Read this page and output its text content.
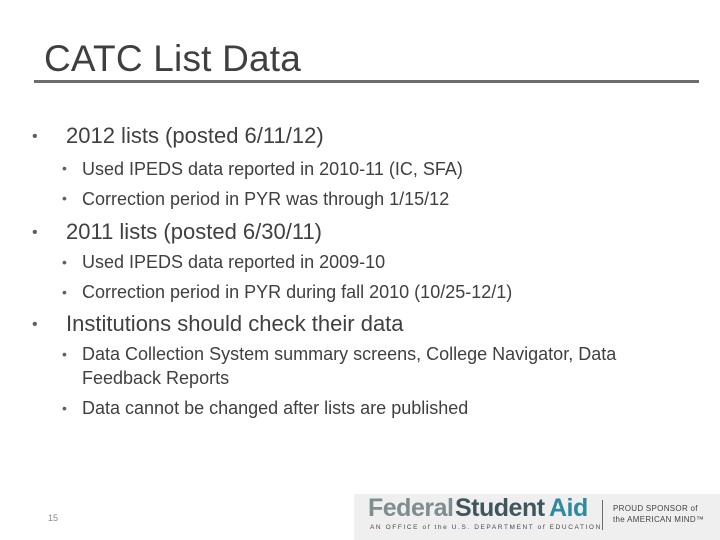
CATC List Data
• 2012 lists (posted 6/11/12)
• Used IPEDS data reported in 2010-11 (IC, SFA)
• Correction period in PYR was through 1/15/12
• 2011 lists (posted 6/30/11)
• Used IPEDS data reported in 2009-10
• Correction period in PYR during fall 2010 (10/25-12/1)
• Institutions should check their data
• Data Collection System summary screens, College Navigator, Data Feedback Reports
• Data cannot be changed after lists are published
15	Federal Student Aid
AN OFFICE of the U.S. DEPARTMENT of EDUCATION
PROUD SPONSOR of
the AMERICAN MIND™
